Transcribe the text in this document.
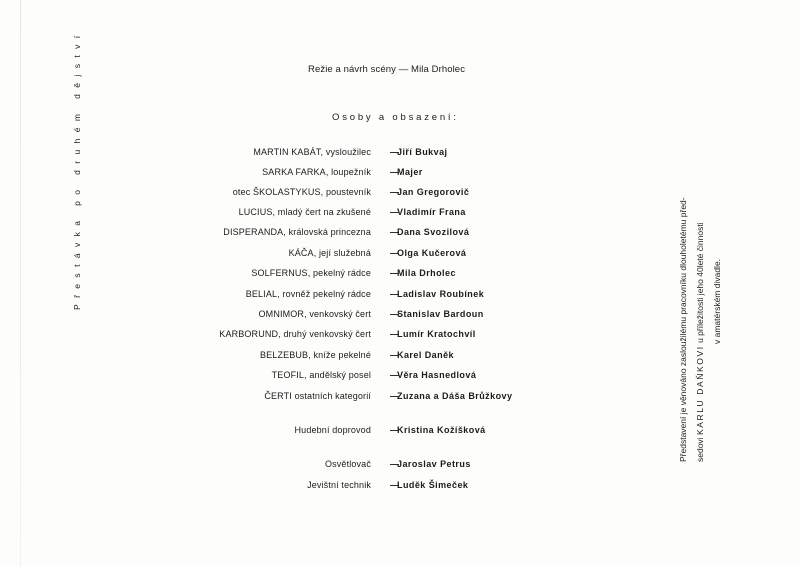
Přestávka po druhém dějství	Režie a návrh scény — Mila Drholec
Osoby a obsazení:
MARTIN KABÁT, vysloužilec —
Jiří Bukvaj
SARKA FARKA, loupežník —
Majer
otec ŠKOLASTYKUS, poustevník —
Jan Gregorovič
LUCIUS, mladý čert na zkušené —
Vladimír Frana
DISPERANDA, královská princezna —
Dana Svozilová
KÁČA, její služebná —
Olga Kučerová
SOLFERNUS, pekelný rádce —
Mila Drholec
BELIAL, rovněž pekelný rádce —
Ladislav Roubínek
OMNIMOR, venkovský čert —
Stanislav Bardoun
KARBORUND, druhý venkovský čert —
Lumír Kratochvíl
BELZEBUB, kníže pekelné —
Karel Daněk
TEOFIL, andělský posel —
Věra Hasnedlová
ČERTI ostatních kategorií —
Zuzana a Dáša Brůžkovy
Hudební doprovod —
Kristina Kožíšková
Osvětlovač —
Jaroslav Petrus
Jevištní technik —
Luděk Šimeček
Představení je věnováno zasloužilému pracovníku dlouholetému před- sedovi KARLU DAŇKOVI u příležitosti jeho 40leté činnosti v amatérském divadle.
